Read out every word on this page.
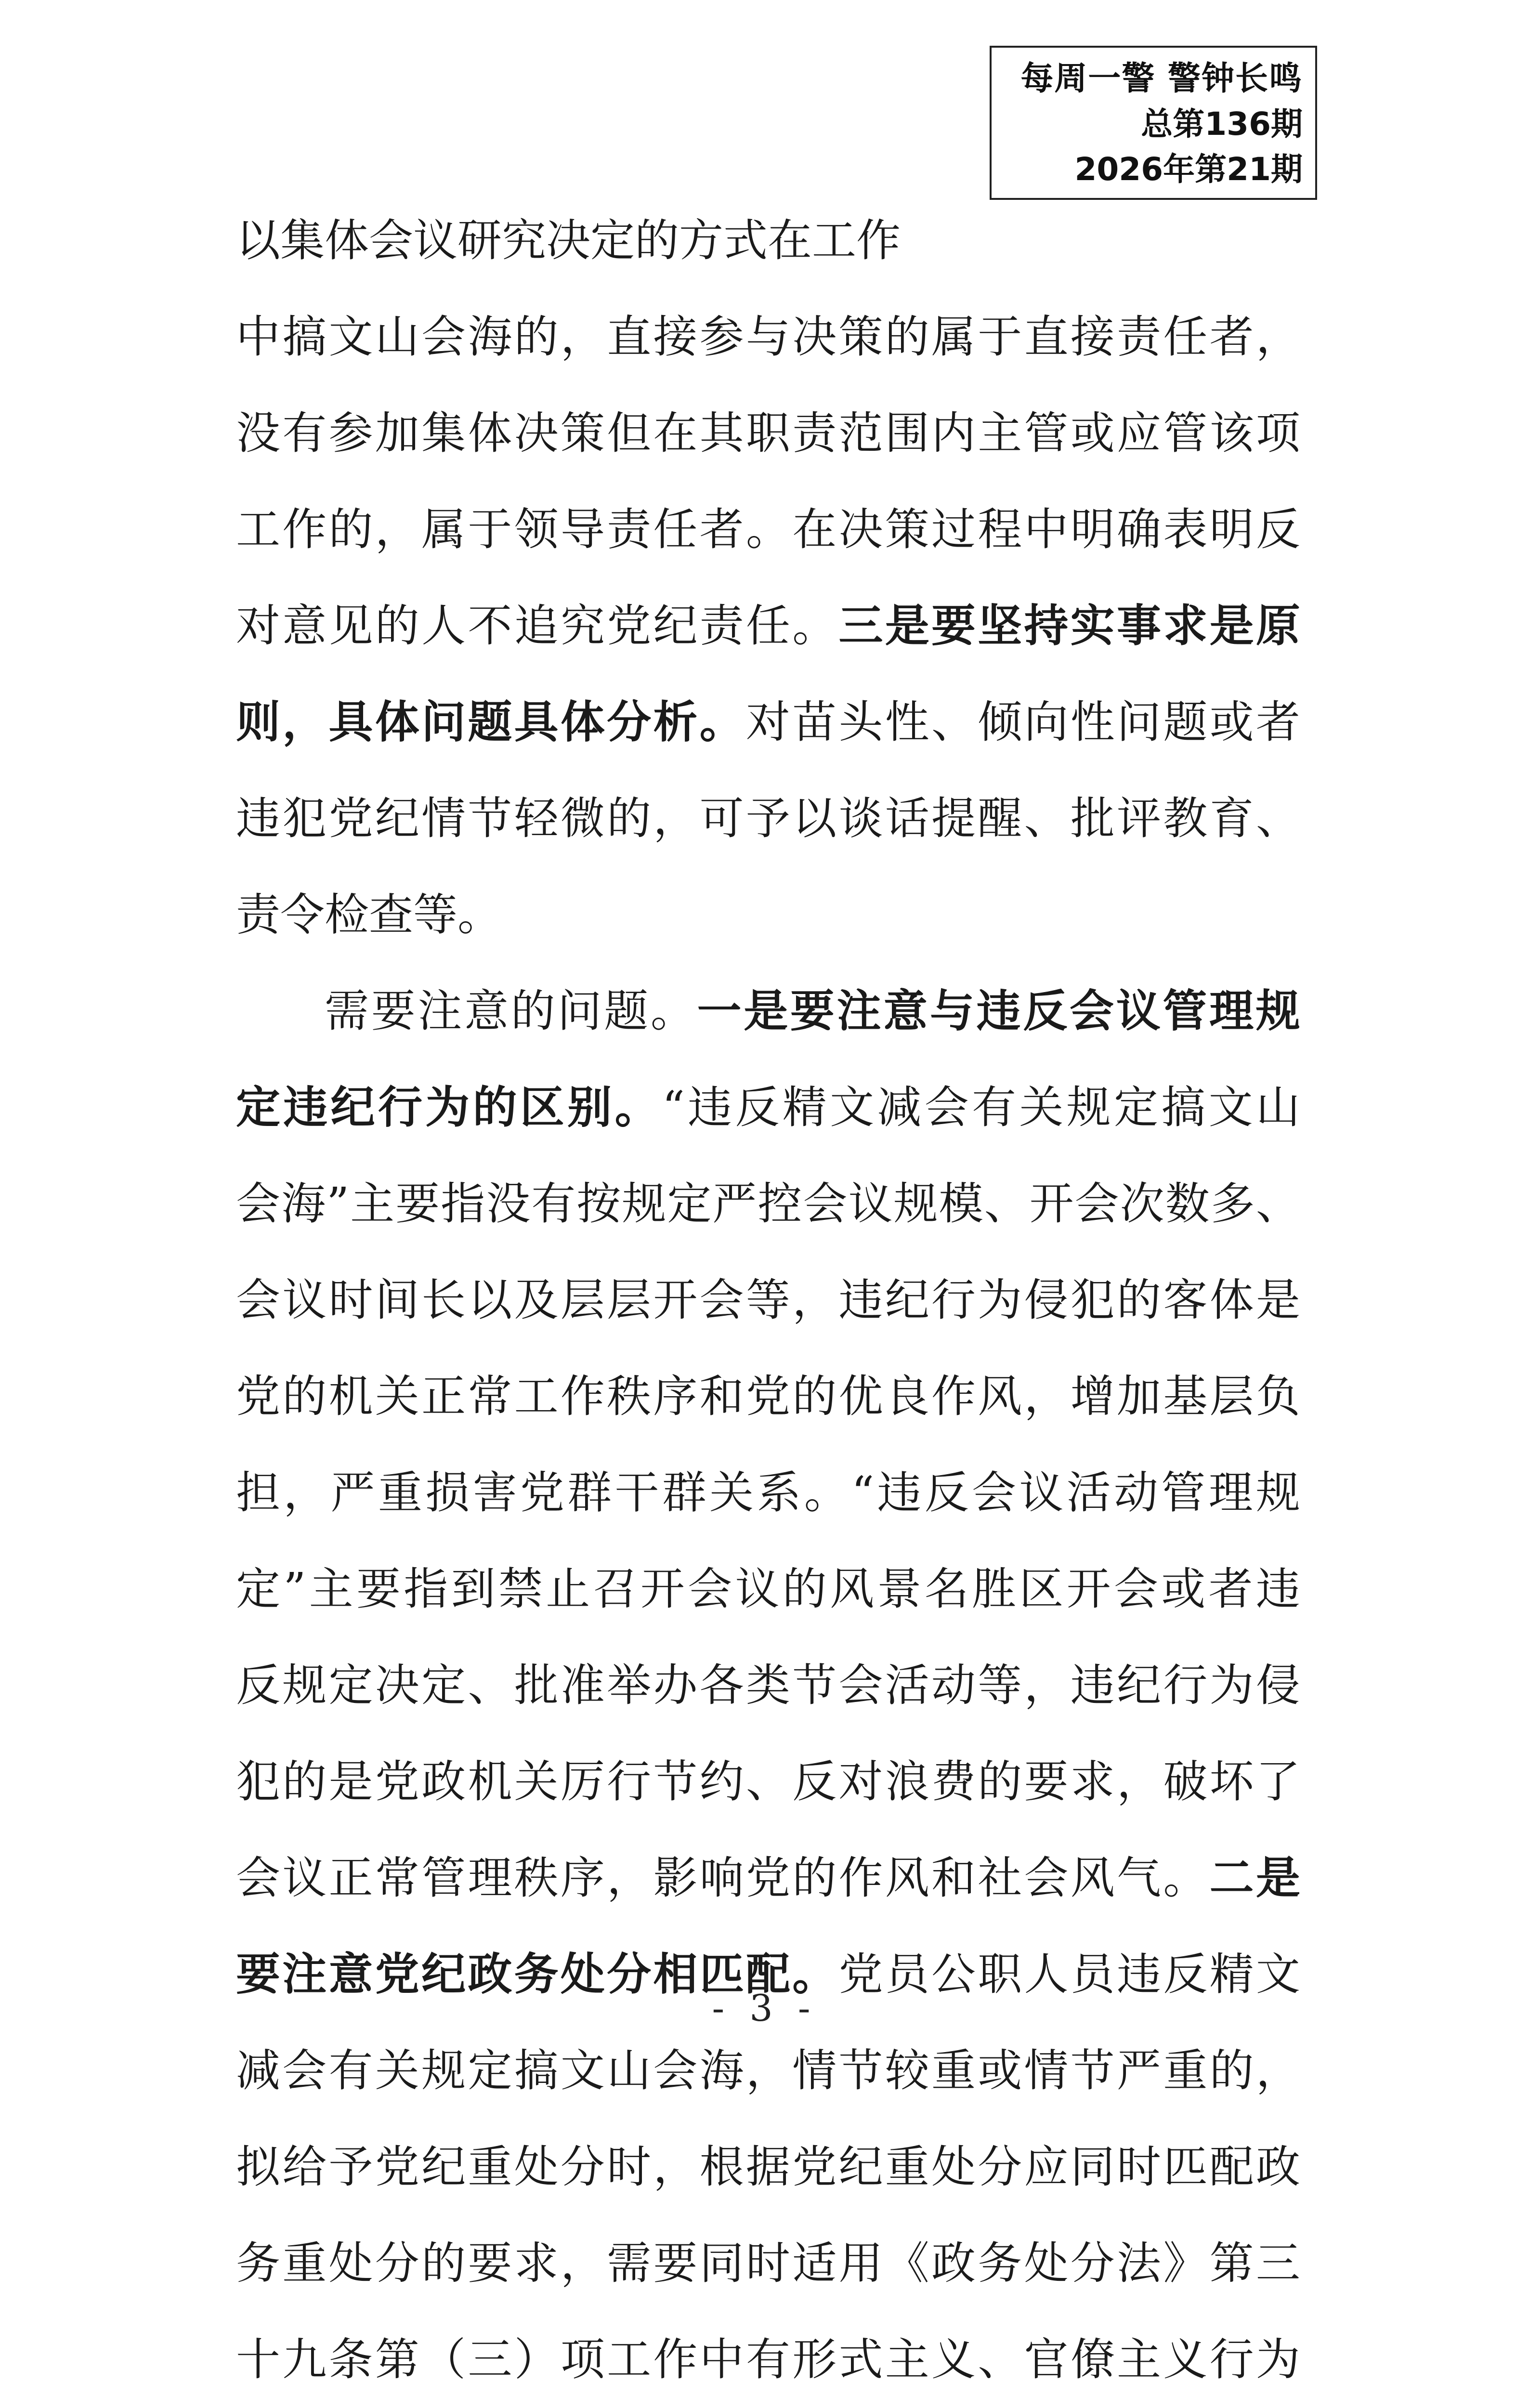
每周一警 警钟长鸣
总第136期
2026年第21期
以 集 体 会 议 研 究 决 定 的 方 式 在 工 作
中 搞 文 山 会 海 的 ， 直 接 参 与 决 策 的 属 于 直 接 责 任 者 ，
没 有 参 加 集 体 决 策 但 在 其 职 责 范 围 内 主 管 或 应 管 该 项
工 作 的 ， 属 于 领 导 责 任 者 。 在 决 策 过 程 中 明 确 表 明 反
对 意 见 的 人 不 追 究 党 纪 责 任 。 三 是 要 坚 持 实 事 求 是 原
则 ， 具 体 问 题 具 体 分 析 。 对 苗 头 性 、 倾 向 性 问 题 或 者
违 犯 党 纪 情 节 轻 微 的 ， 可 予 以 谈 话 提 醒 、 批 评 教 育 、
责 令 检 查 等 。
需 要 注 意 的 问 题 。 一 是 要 注 意 与 违 反 会 议 管 理 规
定 违 纪 行 为 的 区 别 。 “ 违 反 精 文 减 会 有 关 规 定 搞 文 山
会 海 ” 主 要 指 没 有 按 规 定 严 控 会 议 规 模 、 开 会 次 数 多 、
会 议 时 间 长 以 及 层 层 开 会 等 ， 违 纪 行 为 侵 犯 的 客 体 是
党 的 机 关 正 常 工 作 秩 序 和 党 的 优 良 作 风 ， 增 加 基 层 负
担 ， 严 重 损 害 党 群 干 群 关 系 。 “ 违 反 会 议 活 动 管 理 规
定 ” 主 要 指 到 禁 止 召 开 会 议 的 风 景 名 胜 区 开 会 或 者 违
反 规 定 决 定 、 批 准 举 办 各 类 节 会 活 动 等 ， 违 纪 行 为 侵
犯 的 是 党 政 机 关 厉 行 节 约 、 反 对 浪 费 的 要 求 ， 破 坏 了
会 议 正 常 管 理 秩 序 ， 影 响 党 的 作 风 和 社 会 风 气 。 二 是
要 注 意 党 纪 政 务 处 分 相 匹 配 。 党 员 公 职 人 员 违 反 精 文
减 会 有 关 规 定 搞 文 山 会 海 ， 情 节 较 重 或 情 节 严 重 的 ，
拟 给 予 党 纪 重 处 分 时 ， 根 据 党 纪 重 处 分 应 同 时 匹 配 政
务 重 处 分 的 要 求 ， 需 要 同 时 适 用 《 政 务 处 分 法 》 第 三
十 九 条 第 （ 三 ） 项 工 作 中 有 形 式 主 义 、 官 僚 主 义 行 为
- 3 -
